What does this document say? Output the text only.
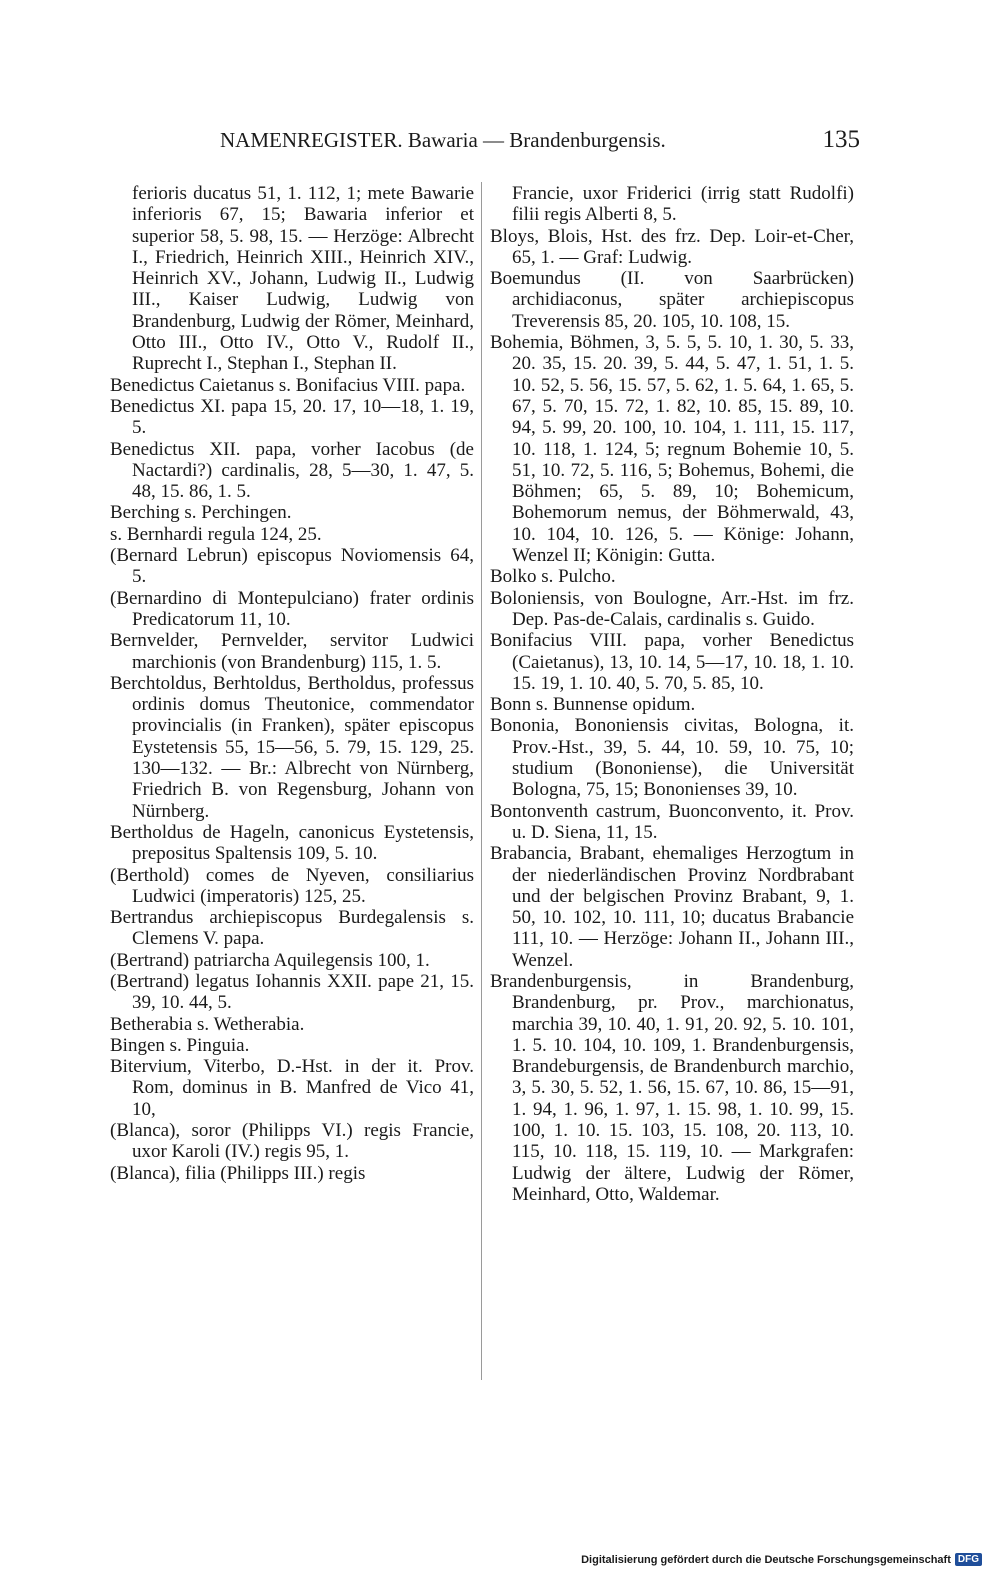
NAMENREGISTER. Bawaria — Brandenburgensis.	135

ferioris ducatus 51, 1. 112, 1; mete Bawarie inferioris 67, 15; Bawaria inferior et superior 58, 5. 98, 15. — Herzöge: Albrecht I., Friedrich, Heinrich XIII., Heinrich XIV., Heinrich XV., Johann, Ludwig II., Ludwig III., Kaiser Ludwig, Ludwig von Brandenburg, Ludwig der Römer, Meinhard, Otto III., Otto IV., Otto V., Rudolf II., Ruprecht I., Stephan I., Stephan II.

Benedictus Caietanus s. Bonifacius VIII. papa.

Benedictus XI. papa 15, 20. 17, 10—18, 1. 19, 5.

Benedictus XII. papa, vorher Iacobus (de Nactardi?) cardinalis, 28, 5—30, 1. 47, 5. 48, 15. 86, 1. 5.

Berching s. Perchingen.

s. Bernhardi regula 124, 25.

(Bernard Lebrun) episcopus Noviomensis 64, 5.

(Bernardino di Montepulciano) frater ordinis Predicatorum 11, 10.

Bernvelder, Pernvelder, servitor Ludwici marchionis (von Brandenburg) 115, 1. 5.

Berchtoldus, Berhtoldus, Bertholdus, professus ordinis domus Theutonice, commendator provincialis (in Franken), später episcopus Eystetensis 55, 15—56, 5. 79, 15. 129, 25. 130—132. — Br.: Albrecht von Nürnberg, Friedrich B. von Regensburg, Johann von Nürnberg.

Bertholdus de Hageln, canonicus Eystetensis, prepositus Spaltensis 109, 5. 10.

(Berthold) comes de Nyeven, consiliarius Ludwici (imperatoris) 125, 25.

Bertrandus archiepiscopus Burdegalensis s. Clemens V. papa.

(Bertrand) patriarcha Aquilegensis 100, 1.

(Bertrand) legatus Iohannis XXII. pape 21, 15. 39, 10. 44, 5.

Betherabia s. Wetherabia.

Bingen s. Pinguia.

Bitervium, Viterbo, D.-Hst. in der it. Prov. Rom, dominus in B. Manfred de Vico 41, 10,

(Blanca), soror (Philipps VI.) regis Francie, uxor Karoli (IV.) regis 95, 1.

(Blanca), filia (Philipps III.) regis

Francie, uxor Friderici (irrig statt Rudolfi) filii regis Alberti 8, 5.

Bloys, Blois, Hst. des frz. Dep. Loir-et-Cher, 65, 1. — Graf: Ludwig.

Boemundus (II. von Saarbrücken) archidiaconus, später archiepiscopus Treverensis 85, 20. 105, 10. 108, 15.

Bohemia, Böhmen, 3, 5. 5, 5. 10, 1. 30, 5. 33, 20. 35, 15. 20. 39, 5. 44, 5. 47, 1. 51, 1. 5. 10. 52, 5. 56, 15. 57, 5. 62, 1. 5. 64, 1. 65, 5. 67, 5. 70, 15. 72, 1. 82, 10. 85, 15. 89, 10. 94, 5. 99, 20. 100, 10. 104, 1. 111, 15. 117, 10. 118, 1. 124, 5; regnum Bohemie 10, 5. 51, 10. 72, 5. 116, 5; Bohemus, Bohemi, die Böhmen; 65, 5. 89, 10; Bohemicum, Bohemorum nemus, der Böhmerwald, 43, 10. 104, 10. 126, 5. — Könige: Johann, Wenzel II; Königin: Gutta.

Bolko s. Pulcho.

Boloniensis, von Boulogne, Arr.-Hst. im frz. Dep. Pas-de-Calais, cardinalis s. Guido.

Bonifacius VIII. papa, vorher Benedictus (Caietanus), 13, 10. 14, 5—17, 10. 18, 1. 10. 15. 19, 1. 10. 40, 5. 70, 5. 85, 10.

Bonn s. Bunnense opidum.

Bononia, Bononiensis civitas, Bologna, it. Prov.-Hst., 39, 5. 44, 10. 59, 10. 75, 10; studium (Bononiense), die Universität Bologna, 75, 15; Bononienses 39, 10.

Bontonventh castrum, Buonconvento, it. Prov. u. D. Siena, 11, 15.

Brabancia, Brabant, ehemaliges Herzogtum in der niederländischen Provinz Nordbrabant und der belgischen Provinz Brabant, 9, 1. 50, 10. 102, 10. 111, 10; ducatus Brabancie 111, 10. — Herzöge: Johann II., Johann III., Wenzel.

Brandenburgensis, in Brandenburg, Brandenburg, pr. Prov., marchionatus, marchia 39, 10. 40, 1. 91, 20. 92, 5. 10. 101, 1. 5. 10. 104, 10. 109, 1. Brandenburgensis, Brandeburgensis, de Brandenburch marchio, 3, 5. 30, 5. 52, 1. 56, 15. 67, 10. 86, 15—91, 1. 94, 1. 96, 1. 97, 1. 15. 98, 1. 10. 99, 15. 100, 1. 10. 15. 103, 15. 108, 20. 113, 10. 115, 10. 118, 15. 119, 10. — Markgrafen: Ludwig der ältere, Ludwig der Römer, Meinhard, Otto, Waldemar.

Digitalisierung gefördert durch die Deutsche Forschungsgemeinschaft DFG
